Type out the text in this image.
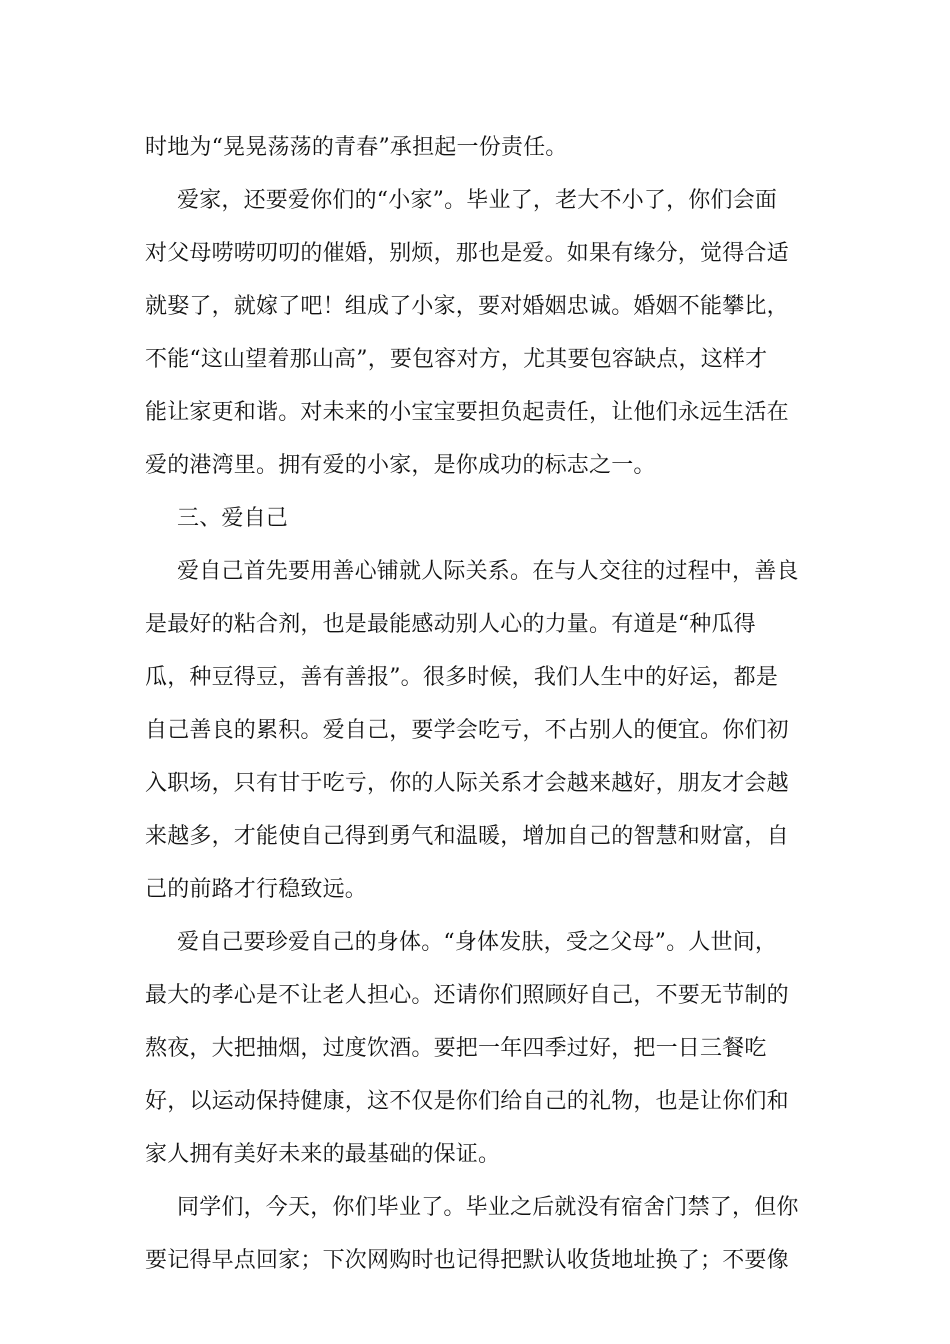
时地为“晃晃荡荡的青春”承担起一份责任。
爱家，还要爱你们的“小家”。毕业了，老大不小了，你们会面
对父母唠唠叨叨的催婚，别烦，那也是爱。如果有缘分，觉得合适
就娶了，就嫁了吧！组成了小家，要对婚姻忠诚。婚姻不能攀比，
不能“这山望着那山高”，要包容对方，尤其要包容缺点，这样才
能让家更和谐。对未来的小宝宝要担负起责任，让他们永远生活在
爱的港湾里。拥有爱的小家，是你成功的标志之一。
三、爱自己
爱自己首先要用善心铺就人际关系。在与人交往的过程中，善良
是最好的粘合剂，也是最能感动别人心的力量。有道是“种瓜得
瓜，种豆得豆，善有善报”。很多时候，我们人生中的好运，都是
自己善良的累积。爱自己，要学会吃亏，不占别人的便宜。你们初
入职场，只有甘于吃亏，你的人际关系才会越来越好，朋友才会越
来越多，才能使自己得到勇气和温暖，增加自己的智慧和财富，自
己的前路才行稳致远。
爱自己要珍爱自己的身体。“身体发肤，受之父母”。人世间，
最大的孝心是不让老人担心。还请你们照顾好自己，不要无节制的
熬夜，大把抽烟，过度饮酒。要把一年四季过好，把一日三餐吃
好，以运动保持健康，这不仅是你们给自己的礼物，也是让你们和
家人拥有美好未来的最基础的保证。
同学们，今天，你们毕业了。毕业之后就没有宿舍门禁了，但你
要记得早点回家；下次网购时也记得把默认收货地址换了；不要像
